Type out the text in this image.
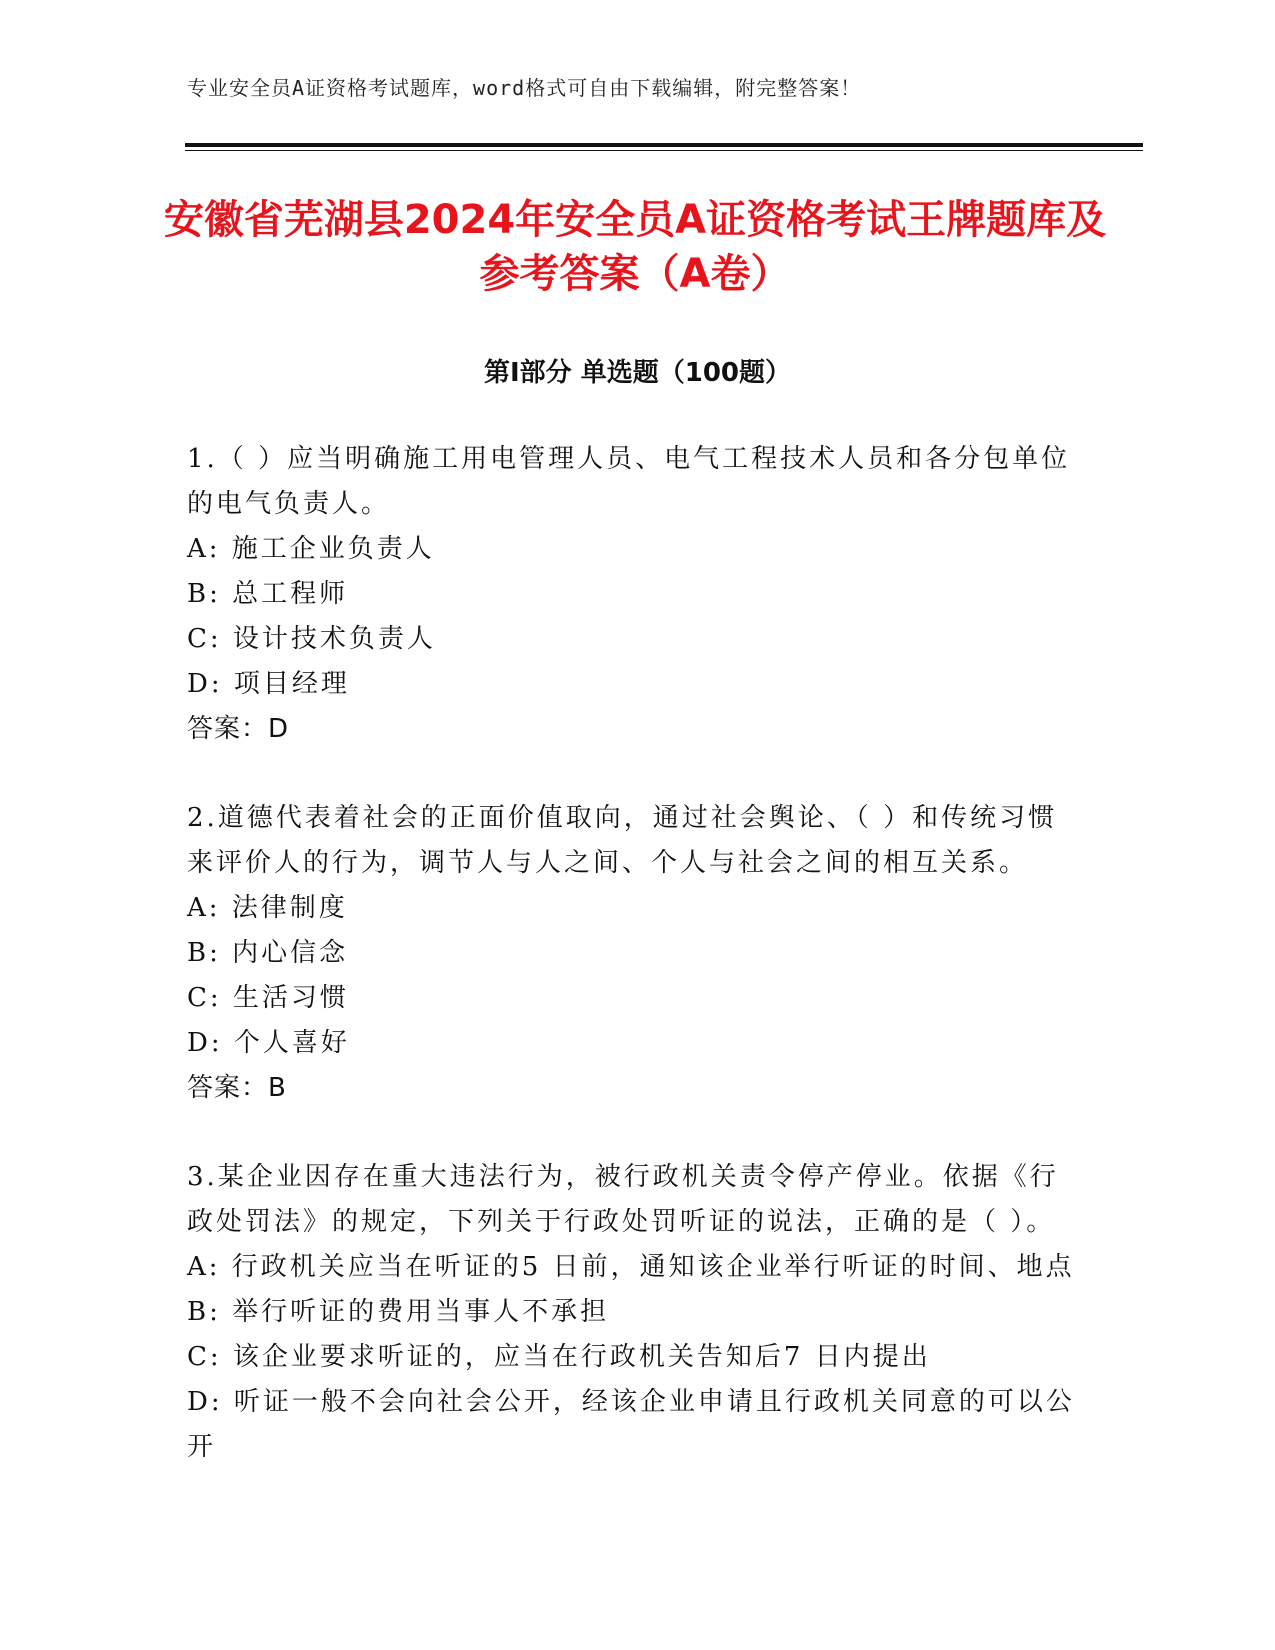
专业安全员A证资格考试题库，word格式可自由下载编辑，附完整答案！
安徽省芜湖县2024年安全员A证资格考试王牌题库及参考答案（A卷）
第Ⅰ部分 单选题（100题）
1.（ ）应当明确施工用电管理人员、电气工程技术人员和各分包单位的电气负责人。
A: 施工企业负责人
B: 总工程师
C: 设计技术负责人
D: 项目经理
答案：D
2.道德代表着社会的正面价值取向，通过社会舆论、（ ）和传统习惯来评价人的行为，调节人与人之间、个人与社会之间的相互关系。
A: 法律制度
B: 内心信念
C: 生活习惯
D: 个人喜好
答案：B
3.某企业因存在重大违法行为，被行政机关责令停产停业。依据《行政处罚法》的规定，下列关于行政处罚听证的说法，正确的是（ ）。
A: 行政机关应当在听证的5 日前，通知该企业举行听证的时间、地点
B: 举行听证的费用当事人不承担
C: 该企业要求听证的，应当在行政机关告知后7 日内提出
D: 听证一般不会向社会公开，经该企业申请且行政机关同意的可以公开
